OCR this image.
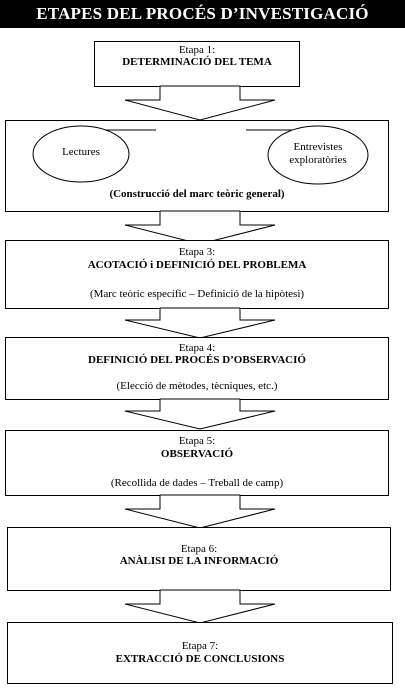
ETAPES DEL PROCÉS D’INVESTIGACIÓ
Etapa 1:
DETERMINACIÓ DEL TEMA
Lectures	Entrevistes
exploratòries
(Construcció del marc teòric general)
Etapa 3:
ACOTACIÓ i DEFINICIÓ DEL PROBLEMA
(Marc teòric específic – Definició de la hipòtesi)
Etapa 4:
DEFINICIÓ DEL PROCÉS D’OBSERVACIÓ
(Elecció de mètodes, tècniques, etc.)
Etapa 5:
OBSERVACIÓ
(Recollida de dades – Treball de camp)
Etapa 6:
ANÀLISI DE LA INFORMACIÓ
Etapa 7:
EXTRACCIÓ DE CONCLUSIONS
